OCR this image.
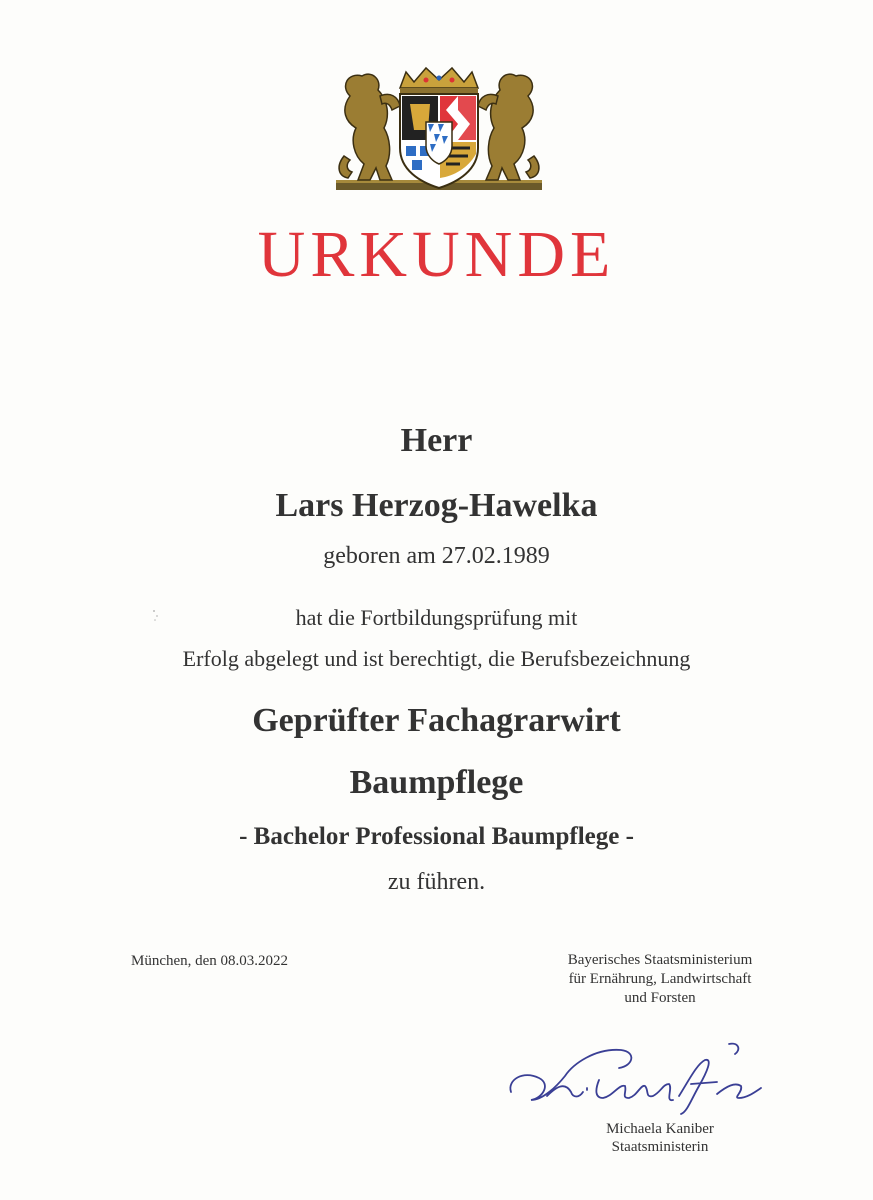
URKUNDE
Herr
Lars Herzog-Hawelka
geboren am 27.02.1989
hat die Fortbildungsprüfung mit
Erfolg abgelegt und ist berechtigt, die Berufsbezeichnung
Geprüfter Fachagrarwirt
Baumpflege
- Bachelor Professional Baumpflege -
zu führen.
München, den 08.03.2022	Bayerisches Staatsministerium
für Ernährung, Landwirtschaft
und Forsten
Michaela Kaniber
Staatsministerin
